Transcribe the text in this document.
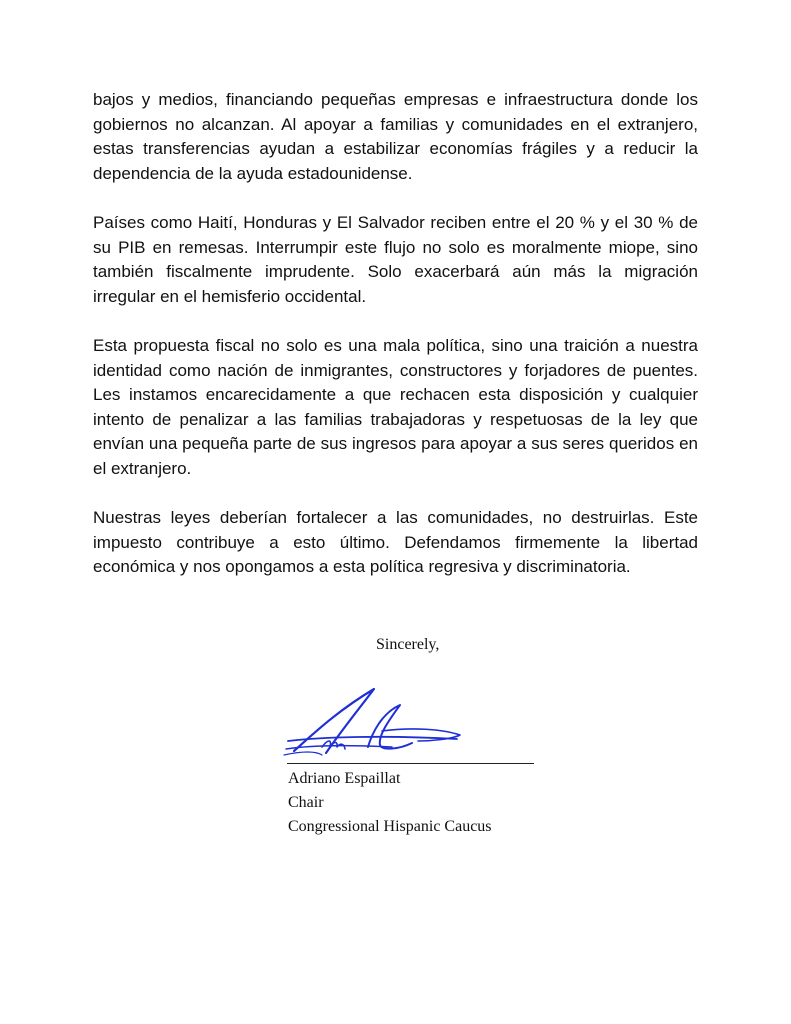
bajos y medios, financiando pequeñas empresas e infraestructura donde los gobiernos no alcanzan. Al apoyar a familias y comunidades en el extranjero, estas transferencias ayudan a estabilizar economías frágiles y a reducir la dependencia de la ayuda estadounidense.

Países como Haití, Honduras y El Salvador reciben entre el 20 % y el 30 % de su PIB en remesas. Interrumpir este flujo no solo es moralmente miope, sino también fiscalmente imprudente. Solo exacerbará aún más la migración irregular en el hemisferio occidental.

Esta propuesta fiscal no solo es una mala política, sino una traición a nuestra identidad como nación de inmigrantes, constructores y forjadores de puentes. Les instamos encarecidamente a que rechacen esta disposición y cualquier intento de penalizar a las familias trabajadoras y respetuosas de la ley que envían una pequeña parte de sus ingresos para apoyar a sus seres queridos en el extranjero.

Nuestras leyes deberían fortalecer a las comunidades, no destruirlas. Este impuesto contribuye a esto último. Defendamos firmemente la libertad económica y nos opongamos a esta política regresiva y discriminatoria.

Sincerely,
Adriano Espaillat
Chair
Congressional Hispanic Caucus
